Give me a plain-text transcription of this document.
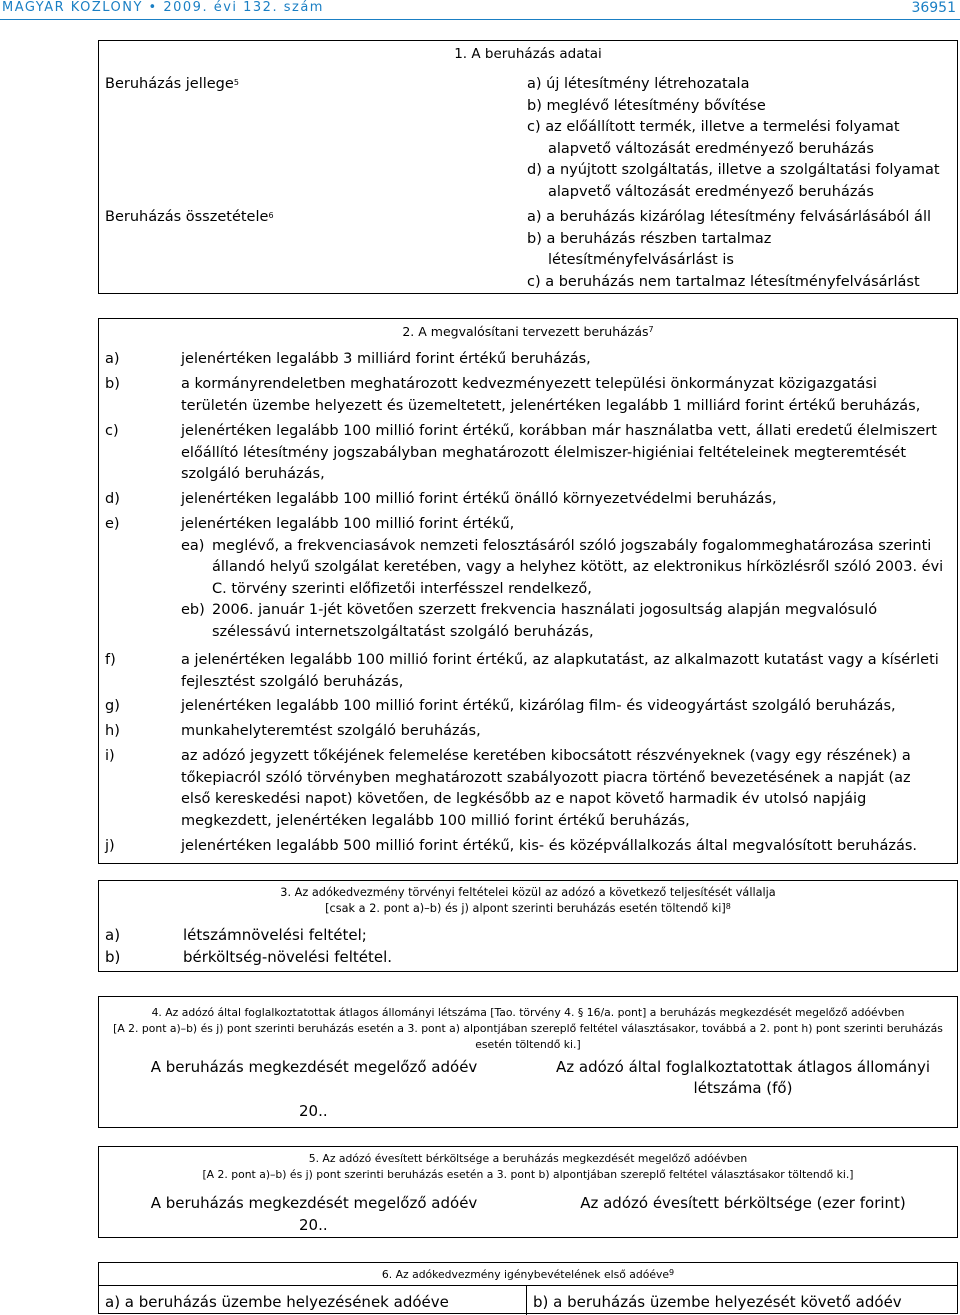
MAGYAR KÖZLÖNY • 2009. évi 132. szám	36951
1. A beruházás adatai
Beruházás jellege$^5$	a) új létesítmény létrehozatala
b) meglévő létesítmény bővítése
c) az előállított termék, illetve a termelési folyamat
alapvető változását eredményező beruházás
d) a nyújtott szolgáltatás, illetve a szolgáltatási folyamat
alapvető változását eredményező beruházás
Beruházás összetétele$^6$	a) a beruházás kizárólag létesítmény felvásárlásából áll
b) a beruházás részben tartalmaz
létesítményfelvásárlást is
c) a beruházás nem tartalmaz létesítményfelvásárlást
2. A megvalósítani tervezett beruházás$^7$
a)	jelenértéken legalább 3 milliárd forint értékű beruházás,
b)	a kormányrendeletben meghatározott kedvezményezett települési önkormányzat közigazgatási
területén üzembe helyezett és üzemeltetett, jelenértéken legalább 1 milliárd forint értékű beruházás,
c)	jelenértéken legalább 100 millió forint értékű, korábban már használatba vett, állati eredetű élelmiszert
előállító létesítmény jogszabályban meghatározott élelmiszer-higiéniai feltételeinek megteremtését
szolgáló beruházás,
d)	jelenértéken legalább 100 millió forint értékű önálló környezetvédelmi beruházás,
e)	jelenértéken legalább 100 millió forint értékű,
ea) meglévő, a frekvenciasávok nemzeti felosztásáról szóló jogszabály fogalommeghatározása szerinti
állandó helyű szolgálat keretében, vagy a helyhez kötött, az elektronikus hírközlésről szóló 2003. évi
C. törvény szerinti előfizetői interfésszel rendelkező,
eb) 2006. január 1-jét követően szerzett frekvencia használati jogosultság alapján megvalósuló
szélessávú internetszolgáltatást szolgáló beruházás,
f)	a jelenértéken legalább 100 millió forint értékű, az alapkutatást, az alkalmazott kutatást vagy a kísérleti
fejlesztést szolgáló beruházás,
g)	jelenértéken legalább 100 millió forint értékű, kizárólag film- és videogyártást szolgáló beruházás,
h)	munkahelyteremtést szolgáló beruházás,
i)	az adózó jegyzett tőkéjének felemelése keretében kibocsátott részvényeknek (vagy egy részének) a
tőkepiacról szóló törvényben meghatározott szabályozott piacra történő bevezetésének a napját (az
első kereskedési napot) követően, de legkésőbb az e napot követő harmadik év utolsó napjáig
megkezdett, jelenértéken legalább 100 millió forint értékű beruházás,
j)	jelenértéken legalább 500 millió forint értékű, kis- és középvállalkozás által megvalósított beruházás.
3. Az adókedvezmény törvényi feltételei közül az adózó a következő teljesítését vállalja
[csak a 2. pont a)–b) és j) alpont szerinti beruházás esetén töltendő ki]$^8$
a)	létszámnövelési feltétel;
b)	bérköltség-növelési feltétel.
4. Az adózó által foglalkoztatottak átlagos állományi létszáma [Tao. törvény 4. § 16/a. pont] a beruházás megkezdését megelőző adóévben
[A 2. pont a)–b) és j) pont szerinti beruházás esetén a 3. pont a) alpontjában szereplő feltétel választásakor, továbbá a 2. pont h) pont szerinti beruházás
esetén töltendő ki.]
A beruházás megkezdését megelőző adóév	Az adózó által foglalkoztatottak átlagos állományi
létszáma (fő)
20..
5. Az adózó évesített bérköltsége a beruházás megkezdését megelőző adóévben
[A 2. pont a)–b) és j) pont szerinti beruházás esetén a 3. pont b) alpontjában szereplő feltétel választásakor töltendő ki.]
A beruházás megkezdését megelőző adóév	Az adózó évesített bérköltsége (ezer forint)
20..
6. Az adókedvezmény igénybevételének első adóéve$^9$
a) a beruházás üzembe helyezésének adóéve	b) a beruházás üzembe helyezését követő adóév
